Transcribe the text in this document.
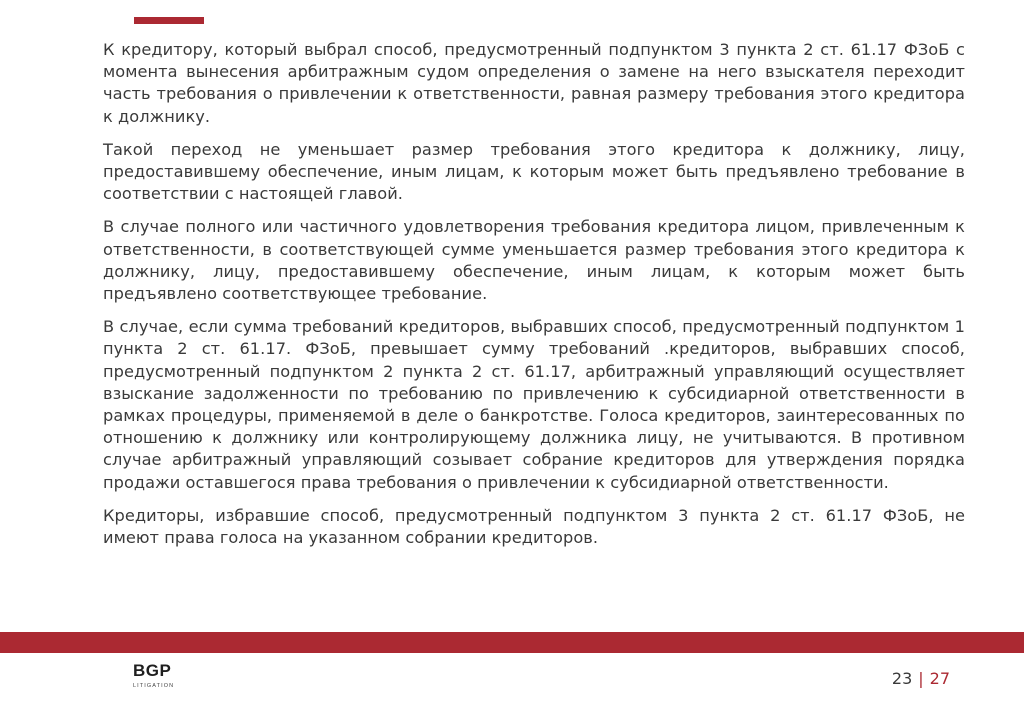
К кредитору, который выбрал способ, предусмотренный подпунктом 3 пункта 2 ст. 61.17 ФЗоБ с момента вынесения арбитражным судом определения о замене на него взыскателя переходит часть требования о привлечении к ответственности, равная размеру требования этого кредитора к должнику.

Такой переход не уменьшает размер требования этого кредитора к должнику, лицу, предоставившему обеспечение, иным лицам, к которым может быть предъявлено требование в соответствии с настоящей главой.

В случае полного или частичного удовлетворения требования кредитора лицом, привлеченным к ответственности, в соответствующей сумме уменьшается размер требования этого кредитора к должнику, лицу, предоставившему обеспечение, иным лицам, к которым может быть предъявлено соответствующее требование.

В случае, если сумма требований кредиторов, выбравших способ, предусмотренный подпунктом 1 пункта 2 ст. 61.17. ФЗоБ, превышает сумму требований .кредиторов, выбравших способ, предусмотренный подпунктом 2 пункта 2 ст. 61.17, арбитражный управляющий осуществляет взыскание задолженности по требованию по привлечению к субсидиарной ответственности в рамках процедуры, применяемой в деле о банкротстве. Голоса кредиторов, заинтересованных по отношению к должнику или контролирующему должника лицу, не учитываются. В противном случае арбитражный управляющий созывает собрание кредиторов для утверждения порядка продажи оставшегося права требования о привлечении к субсидиарной ответственности.

Кредиторы, избравшие способ, предусмотренный подпунктом 3 пункта 2 ст. 61.17 ФЗоБ, не имеют права голоса на указанном собрании кредиторов.

BGP
LITIGATION	23 | 27
